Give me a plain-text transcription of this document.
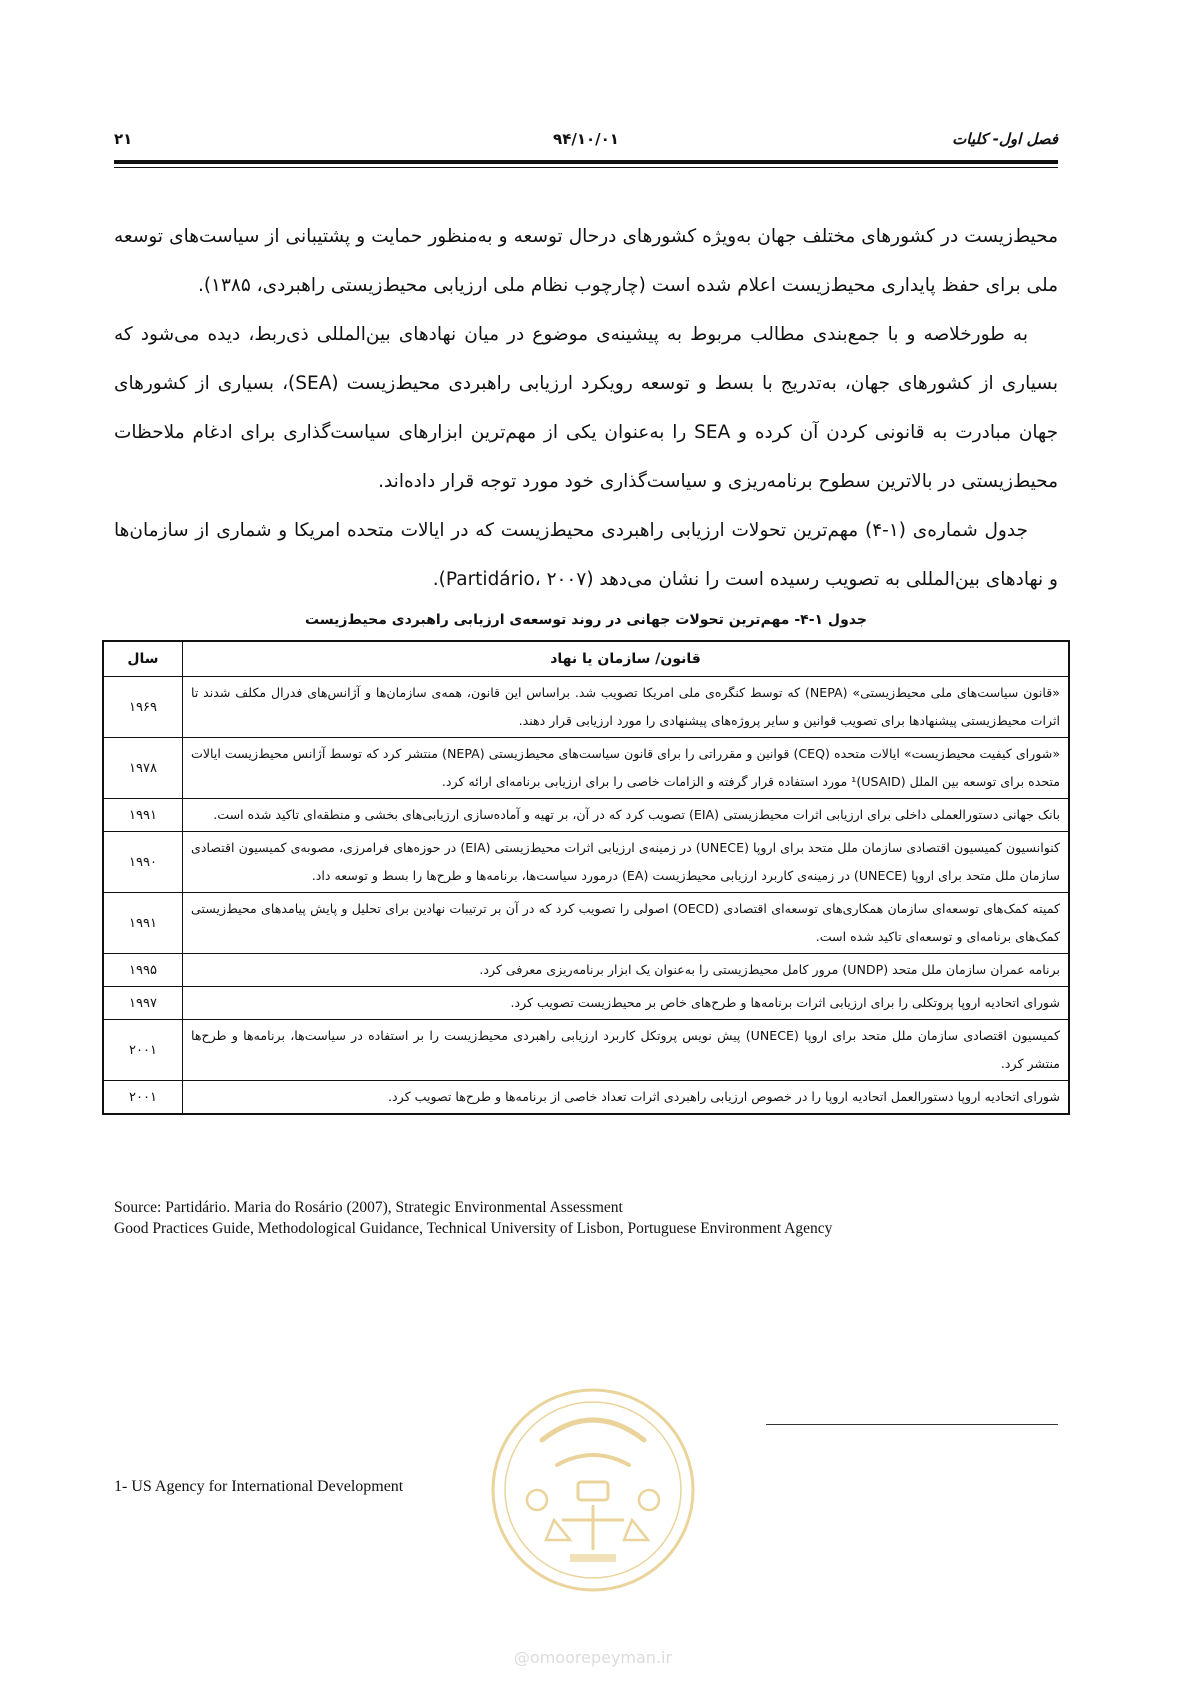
فصل اول- کلیات
۹۴/۱۰/۰۱
۲۱

محیط‌زیست در کشورهای مختلف جهان به‌ویژه کشورهای درحال توسعه و به‌منظور حمایت و پشتیبانی از سیاست‌های توسعه ملی برای حفظ پایداری محیط‌زیست اعلام شده است (چارچوب نظام ملی ارزیابی محیط‌زیستی راهبردی، ۱۳۸۵).

به طورخلاصه و با جمع‌بندی مطالب مربوط به پیشینه‌ی موضوع در میان نهادهای بین‌المللی ذی‌ربط، دیده می‌شود که بسیاری از کشورهای جهان، به‌تدریج با بسط و توسعه رویکرد ارزیابی راهبردی محیط‌زیست (SEA)، بسیاری از کشورهای جهان مبادرت به قانونی کردن آن کرده و SEA را به‌عنوان یکی از مهم‌ترین ابزارهای سیاست‌گذاری برای ادغام ملاحظات محیط‌زیستی در بالاترین سطوح برنامه‌ریزی و سیاست‌گذاری خود مورد توجه قرار داده‌اند.

جدول شماره‌ی (۱-۴) مهم‌ترین تحولات ارزیابی راهبردی محیط‌زیست که در ایالات متحده امریکا و شماری از سازمان‌ها و نهادهای بین‌المللی به تصویب رسیده است را نشان می‌دهد (Partidário، ۲۰۰۷).

جدول ۱-۴- مهم‌ترین تحولات جهانی در روند توسعه‌ی ارزیابی راهبردی محیط‌زیست
قانون/ سازمان یا نهاد	سال
«قانون سیاست‌های ملی محیط‌زیستی» (NEPA) که توسط کنگره‌ی ملی امریکا تصویب شد. براساس این قانون، همه‌ی سازمان‌ها و آژانس‌های فدرال مکلف شدند تا اثرات محیط‌زیستی پیشنهادها برای تصویب قوانین و سایر پروژه‌های پیشنهادی را مورد ارزیابی قرار دهند.	۱۹۶۹
«شورای کیفیت محیط‌زیست» ایالات متحده (CEQ) قوانین و مقرراتی را برای قانون سیاست‌های محیط‌زیستی (NEPA) منتشر کرد که توسط آژانس محیط‌زیست ایالات متحده برای توسعه بین الملل (USAID)¹ مورد استفاده قرار گرفته و الزامات خاصی را برای ارزیابی برنامه‌ای ارائه کرد.	۱۹۷۸
بانک جهانی دستورالعملی داخلی برای ارزیابی اثرات محیط‌زیستی (EIA) تصویب کرد که در آن، بر تهیه و آماده‌سازی ارزیابی‌های بخشی و منطقه‌ای تاکید شده است.	۱۹۹۱
کنوانسیون کمیسیون اقتصادی سازمان ملل متحد برای اروپا (UNECE) در زمینه‌ی ارزیابی اثرات محیط‌زیستی (EIA) در حوزه‌های فرامرزی، مصوبه‌ی کمیسیون اقتصادی سازمان ملل متحد برای اروپا (UNECE) در زمینه‌ی کاربرد ارزیابی محیط‌زیست (EA) درمورد سیاست‌ها، برنامه‌ها و طرح‌ها را بسط و توسعه داد.	۱۹۹۰
کمیته کمک‌های توسعه‌ای سازمان همکاری‌های توسعه‌ای اقتصادی (OECD) اصولی را تصویب کرد که در آن بر ترتیبات نهادین برای تحلیل و پایش پیامدهای محیط‌زیستی کمک‌های برنامه‌ای و توسعه‌ای تاکید شده است.	۱۹۹۱
برنامه عمران سازمان ملل متحد (UNDP) مرور کامل محیط‌زیستی را به‌عنوان یک ابزار برنامه‌ریزی معرفی کرد.	۱۹۹۵
شورای اتحادیه اروپا پروتکلی را برای ارزیابی اثرات برنامه‌ها و طرح‌های خاص بر محیط‌زیست تصویب کرد.	۱۹۹۷
کمیسیون اقتصادی سازمان ملل متحد برای اروپا (UNECE) پیش نویس پروتکل کاربرد ارزیابی راهبردی محیط‌زیست را بر استفاده در سیاست‌ها، برنامه‌ها و طرح‌ها منتشر کرد.	۲۰۰۱
شورای اتحادیه اروپا دستورالعمل اتحادیه اروپا را در خصوص ارزیابی راهبردی اثرات تعداد خاصی از برنامه‌ها و طرح‌ها تصویب کرد.	۲۰۰۱
Source: Partidário. Maria do Rosário (2007), Strategic Environmental Assessment
Good Practices Guide, Methodological Guidance, Technical University of Lisbon, Portuguese Environment Agency
1- US Agency for International Development
@omoorepeyman.ir
